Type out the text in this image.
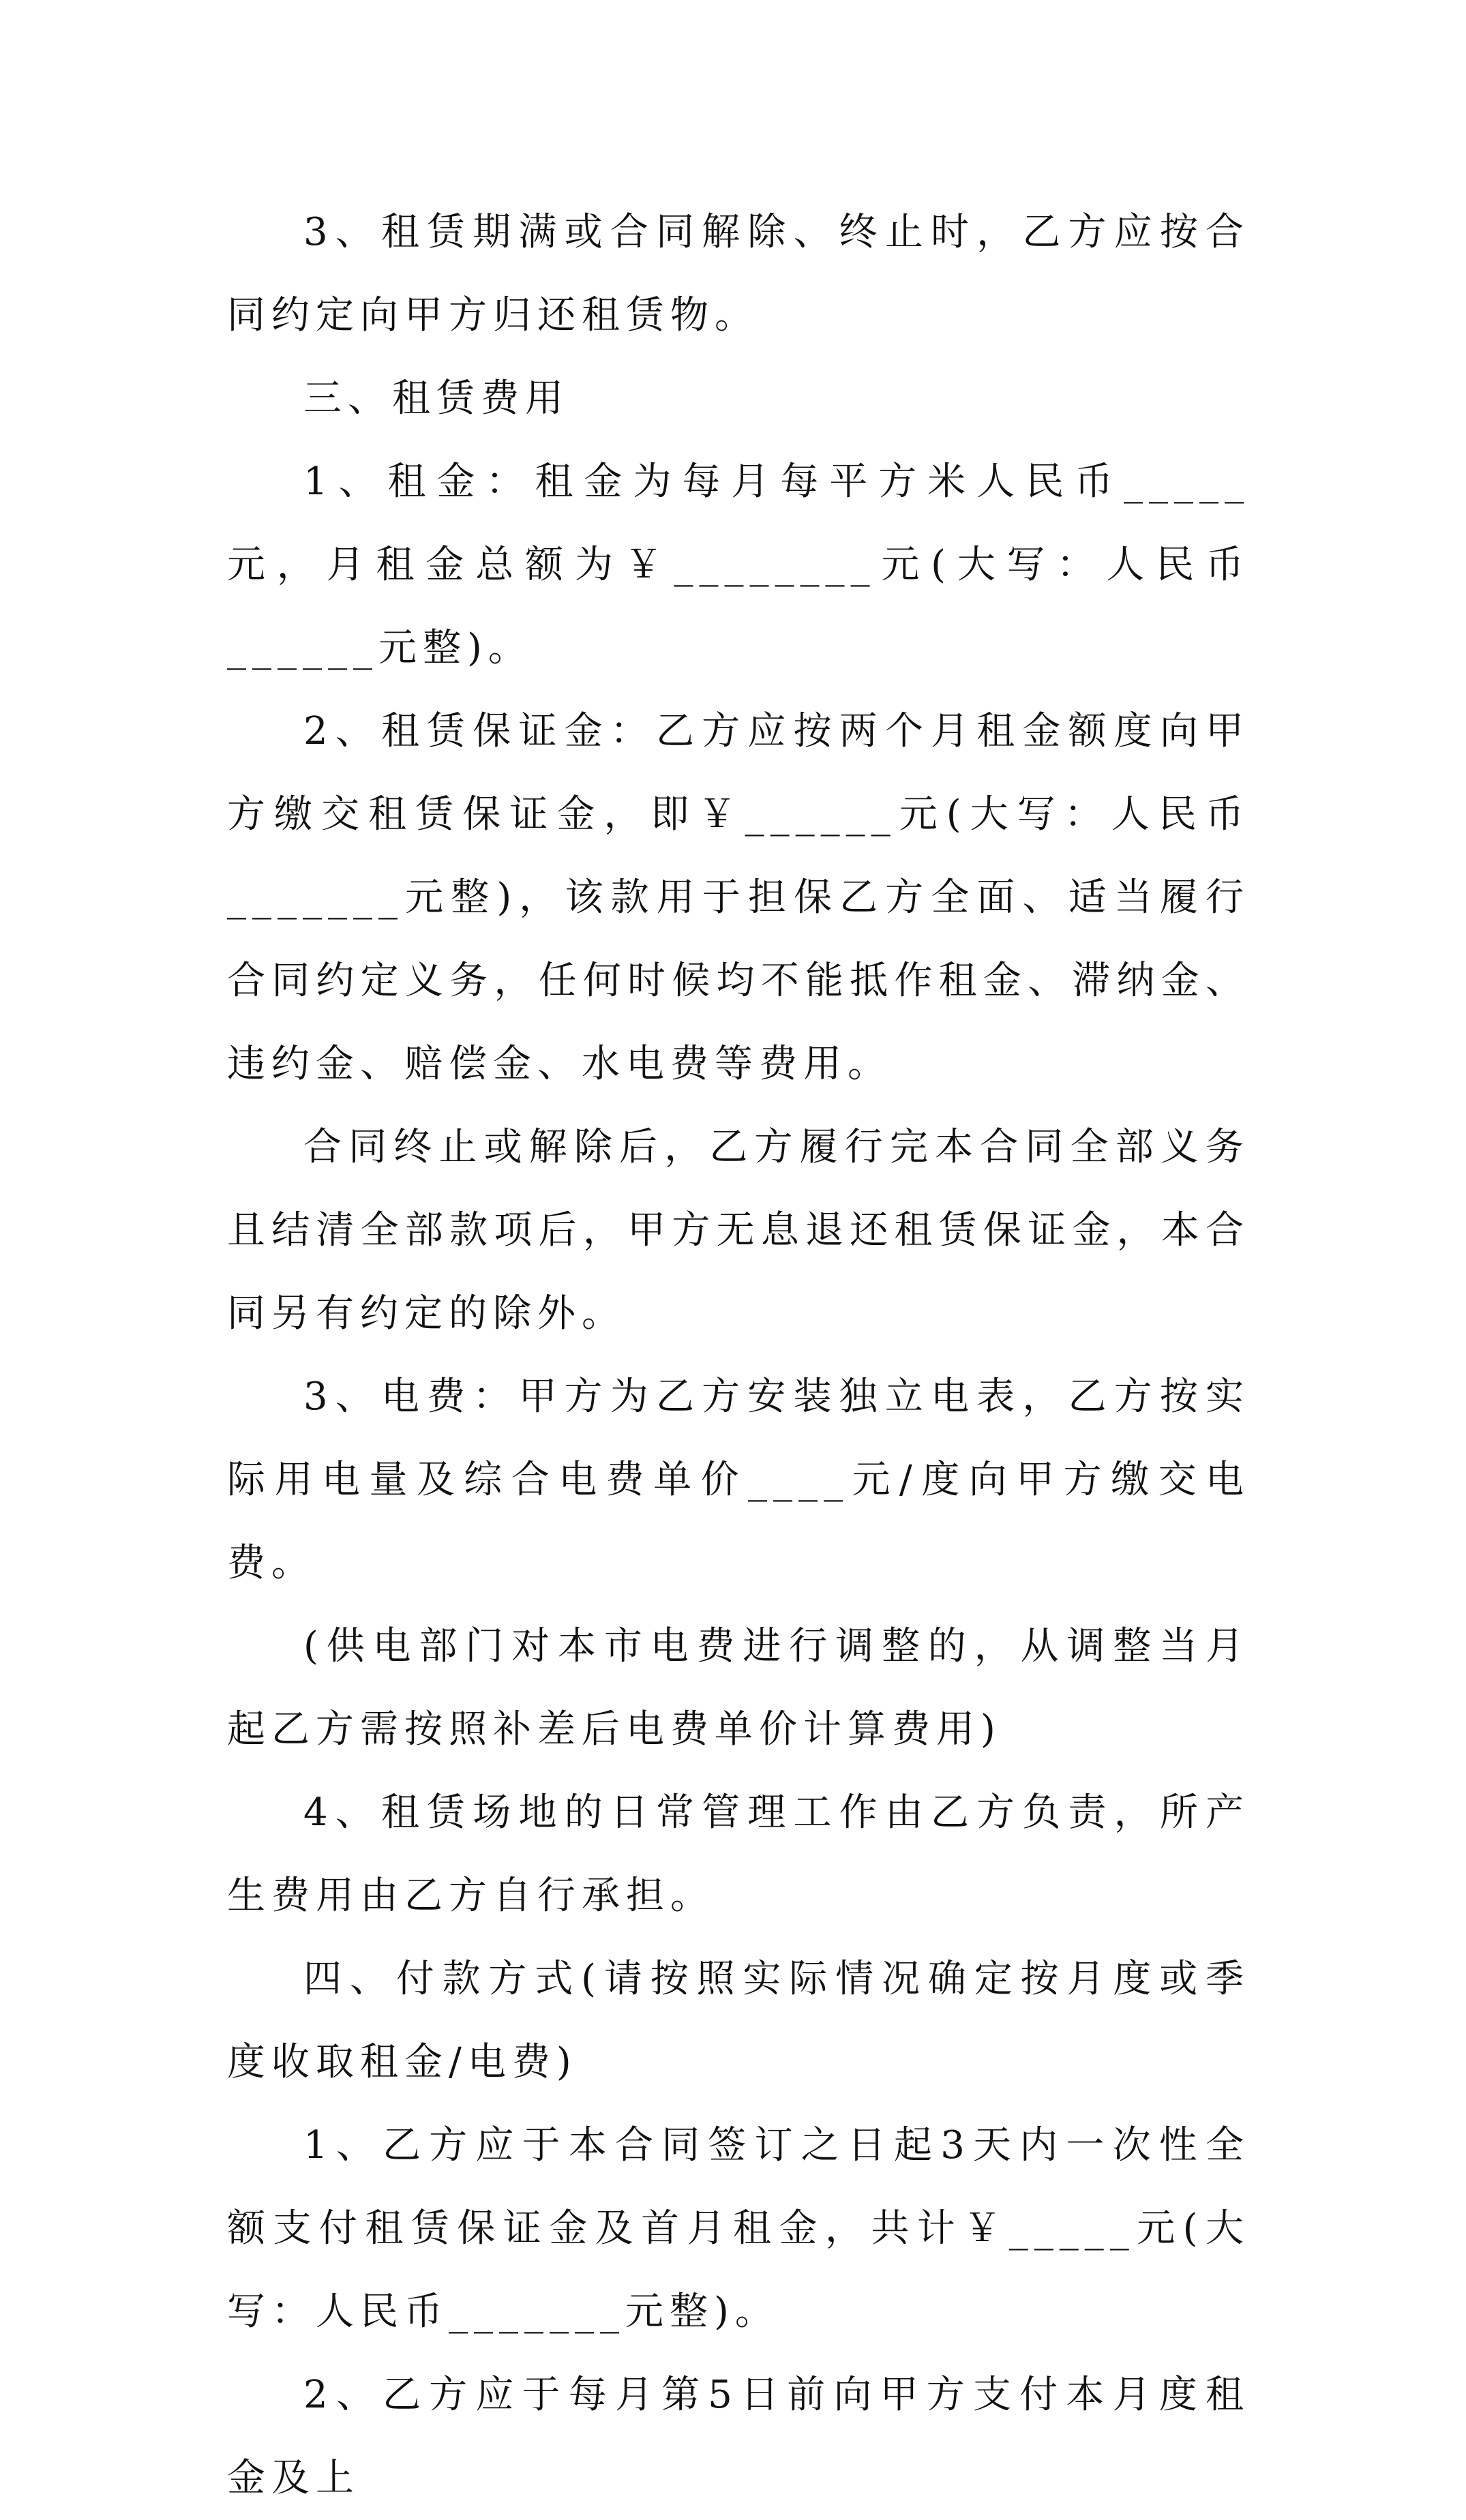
3、租赁期满或合同解除、终止时，乙方应按合同约定向甲方归还租赁物。

三、租赁费用

1、租金：租金为每月每平方米人民币_____元，月租金总额为￥________元(大写：人民币______元整)。

2、租赁保证金：乙方应按两个月租金额度向甲方缴交租赁保证金，即￥______元(大写：人民币_______元整)，该款用于担保乙方全面、适当履行合同约定义务，任何时候均不能抵作租金、滞纳金、违约金、赔偿金、水电费等费用。

合同终止或解除后，乙方履行完本合同全部义务且结清全部款项后，甲方无息退还租赁保证金，本合同另有约定的除外。

3、电费：甲方为乙方安装独立电表，乙方按实际用电量及综合电费单价____元/度向甲方缴交电费。

(供电部门对本市电费进行调整的，从调整当月起乙方需按照补差后电费单价计算费用)

4、租赁场地的日常管理工作由乙方负责，所产生费用由乙方自行承担。

四、付款方式(请按照实际情况确定按月度或季度收取租金/电费)

1、乙方应于本合同签订之日起3天内一次性全额支付租赁保证金及首月租金，共计￥_____元(大写：人民币_______元整)。

2、乙方应于每月第5日前向甲方支付本月度租金及上
